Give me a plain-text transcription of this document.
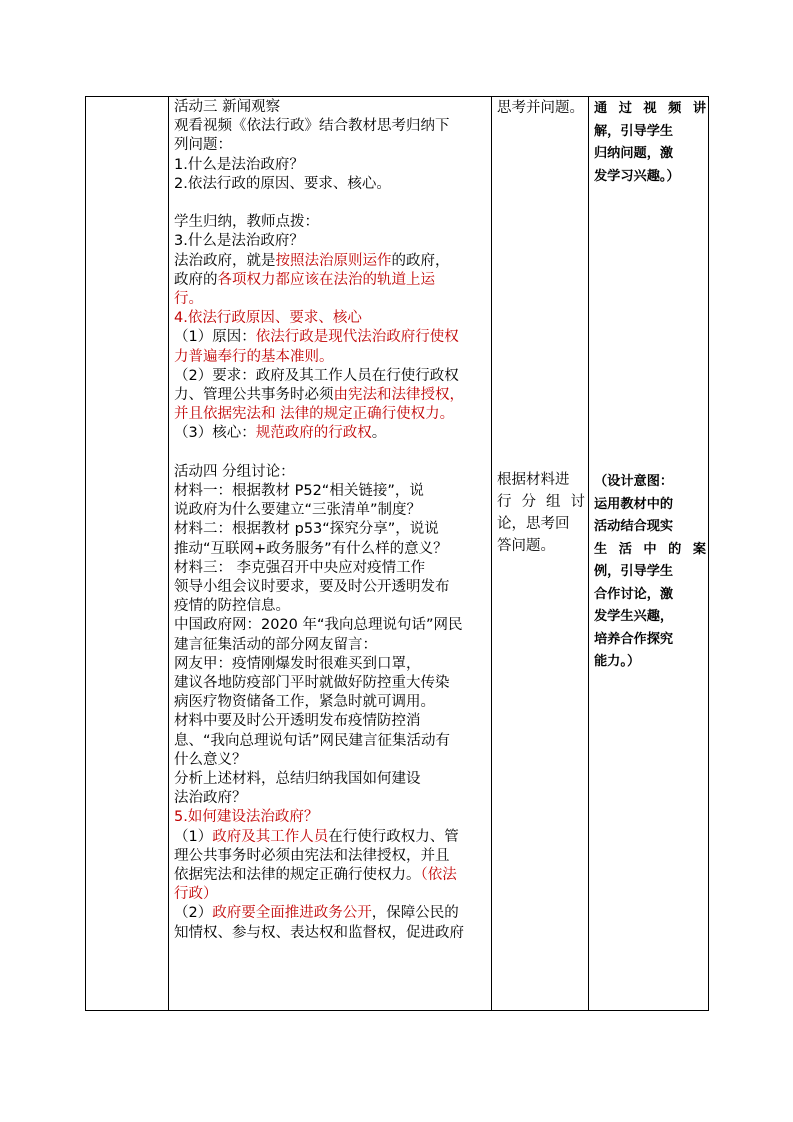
活动三 新闻观察
观看视频《依法行政》结合教材思考归纳下
列问题：
1.什么是法治政府？
2.依法行政的原因、要求、核心。
学生归纳，教师点拨：
3.什么是法治政府？
法治政府，就是按照法治原则运作的政府，
政府的各项权力都应该在法治的轨道上运
行。
4.依法行政原因、要求、核心
（1）原因：依法行政是现代法治政府行使权
力普遍奉行的基本准则。
（2）要求：政府及其工作人员在行使行政权
力、管理公共事务时必须由宪法和法律授权，
并且依据宪法和 法律的规定正确行使权力。
（3）核心：规范政府的行政权。
活动四 分组讨论：
材料一：根据教材 P52“相关链接”，说
说政府为什么要建立“三张清单”制度？
材料二：根据教材 p53“探究分享”，说说
推动“互联网+政务服务”有什么样的意义？
材料三： 李克强召开中央应对疫情工作
领导小组会议时要求，要及时公开透明发布
疫情的防控信息。
中国政府网：2020 年“我向总理说句话”网民
建言征集活动的部分网友留言：
网友甲：疫情刚爆发时很难买到口罩，
建议各地防疫部门平时就做好防控重大传染
病医疗物资储备工作，紧急时就可调用。
材料中要及时公开透明发布疫情防控消
息、“我向总理说句话”网民建言征集活动有
什么意义？
分析上述材料，总结归纳我国如何建设
法治政府？
5.如何建设法治政府？
（1）政府及其工作人员在行使行政权力、管
理公共事务时必须由宪法和法律授权，并且
依据宪法和法律的规定正确行使权力。（依法
行政）
（2）政府要全面推进政务公开，保障公民的
知情权、参与权、表达权和监督权，促进政府
思考并问题。
根据材料进
行 分 组 讨
论，思考回
答问题。
通 过 视 频 讲
解，引导学生
归纳问题，激
发学习兴趣。）
（设计意图：
运用教材中的
活动结合现实
生 活 中 的 案
例，引导学生
合作讨论，激
发学生兴趣，
培养合作探究
能力。）
